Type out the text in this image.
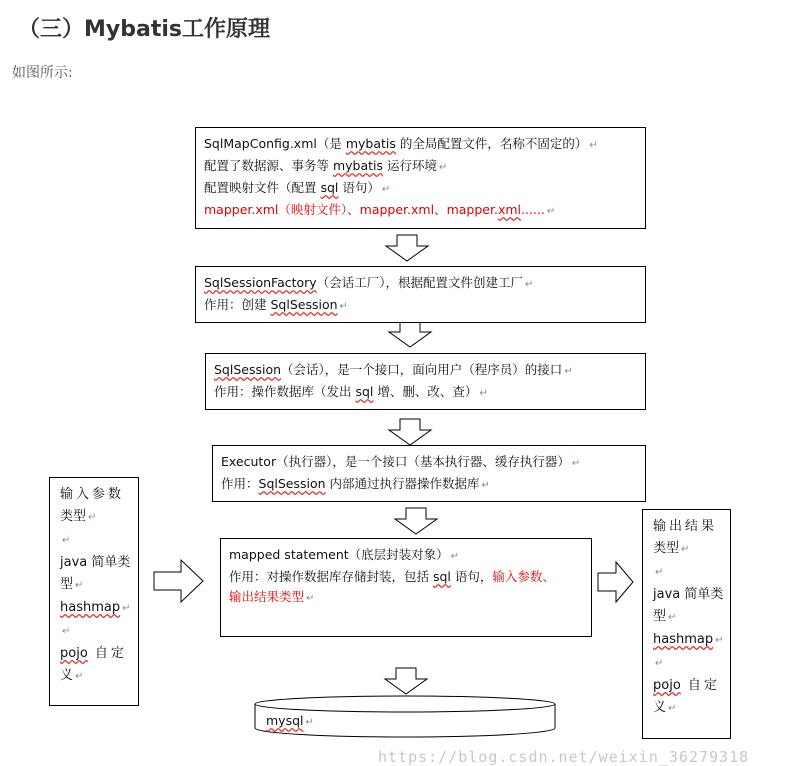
（三）Mybatis工作原理
如图所示:
SqlMapConfig.xml（是 mybatis 的全局配置文件，名称不固定的） ↵
配置了数据源、事务等 mybatis 运行环境 ↵
配置映射文件（配置 sql 语句） ↵
mapper.xml（映射文件）、mapper.xml、mapper.xml...... ↵
SqlSessionFactory（会话工厂），根据配置文件创建工厂 ↵
作用：创建 SqlSession ↵
SqlSession（会话），是一个接口，面向用户（程序员）的接口 ↵
作用：操作数据库（发出 sql 增、删、改、查） ↵
Executor（执行器），是一个接口（基本执行器、缓存执行器） ↵
作用：SqlSession 内部通过执行器操作数据库 ↵
mapped statement（底层封装对象） ↵
作用：对操作数据库存储封装，包括 sql 语句，输入参数、
输出结果类型 ↵
输入参数
类型 ↵
↵
java 简单类
型 ↵
hashmap ↵
↵
pojo 自定
义 ↵
输出结果
类型 ↵
↵
java 简单类
型 ↵
hashmap ↵
↵
pojo 自定
义 ↵
mysql ↵
https://blog.csdn.net/weixin_36279318
